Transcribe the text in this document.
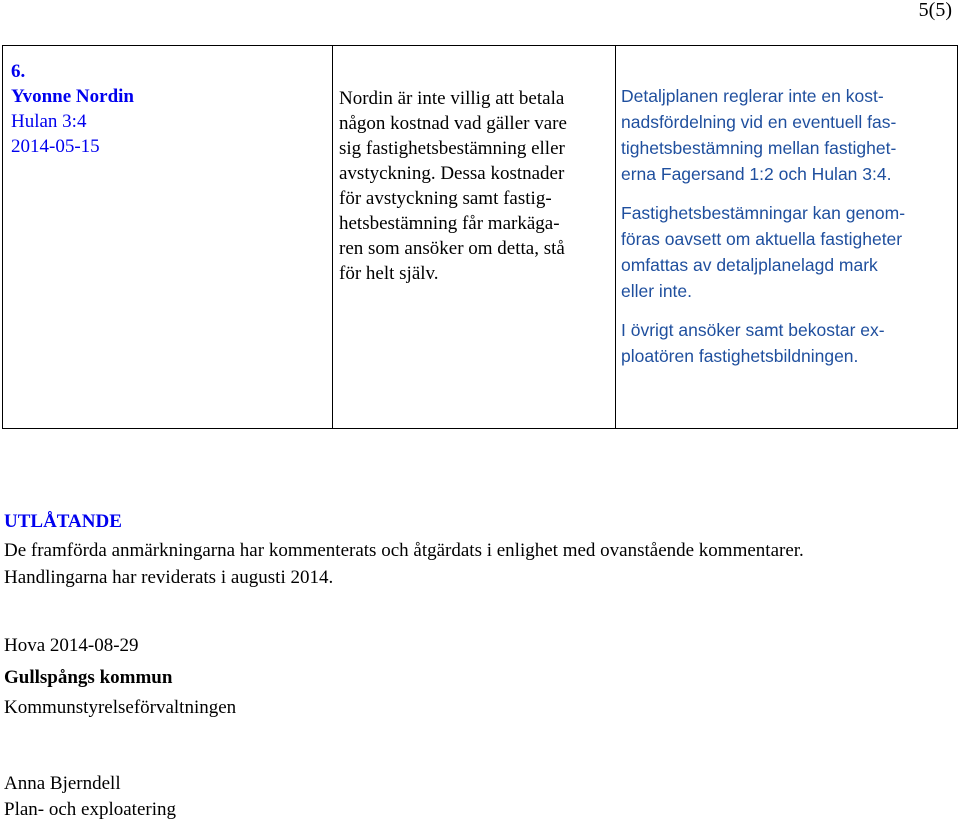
5(5)
6.
Yvonne Nordin
Hulan 3:4
2014-05-15
Nordin är inte villig att betala
någon kostnad vad gäller vare
sig fastighetsbestämning eller
avstyckning. Dessa kostnader
för avstyckning samt fastig-
hetsbestämning får markäga-
ren som ansöker om detta, stå
för helt själv.

Detaljplanen reglerar inte en kost-
nadsfördelning vid en eventuell fas-
tighetsbestämning mellan fastighet-
erna Fagersand 1:2 och Hulan 3:4.

Fastighetsbestämningar kan genom-
föras oavsett om aktuella fastigheter
omfattas av detaljplanelagd mark
eller inte.

I övrigt ansöker samt bekostar ex-
ploatören fastighetsbildningen.

UTLÅTANDE
De framförda anmärkningarna har kommenterats och åtgärdats i enlighet med ovanstående kommentarer.
Handlingarna har reviderats i augusti 2014.
Hova 2014-08-29
Gullspångs kommun
Kommunstyrelseförvaltningen
Anna Bjerndell
Plan- och exploatering
